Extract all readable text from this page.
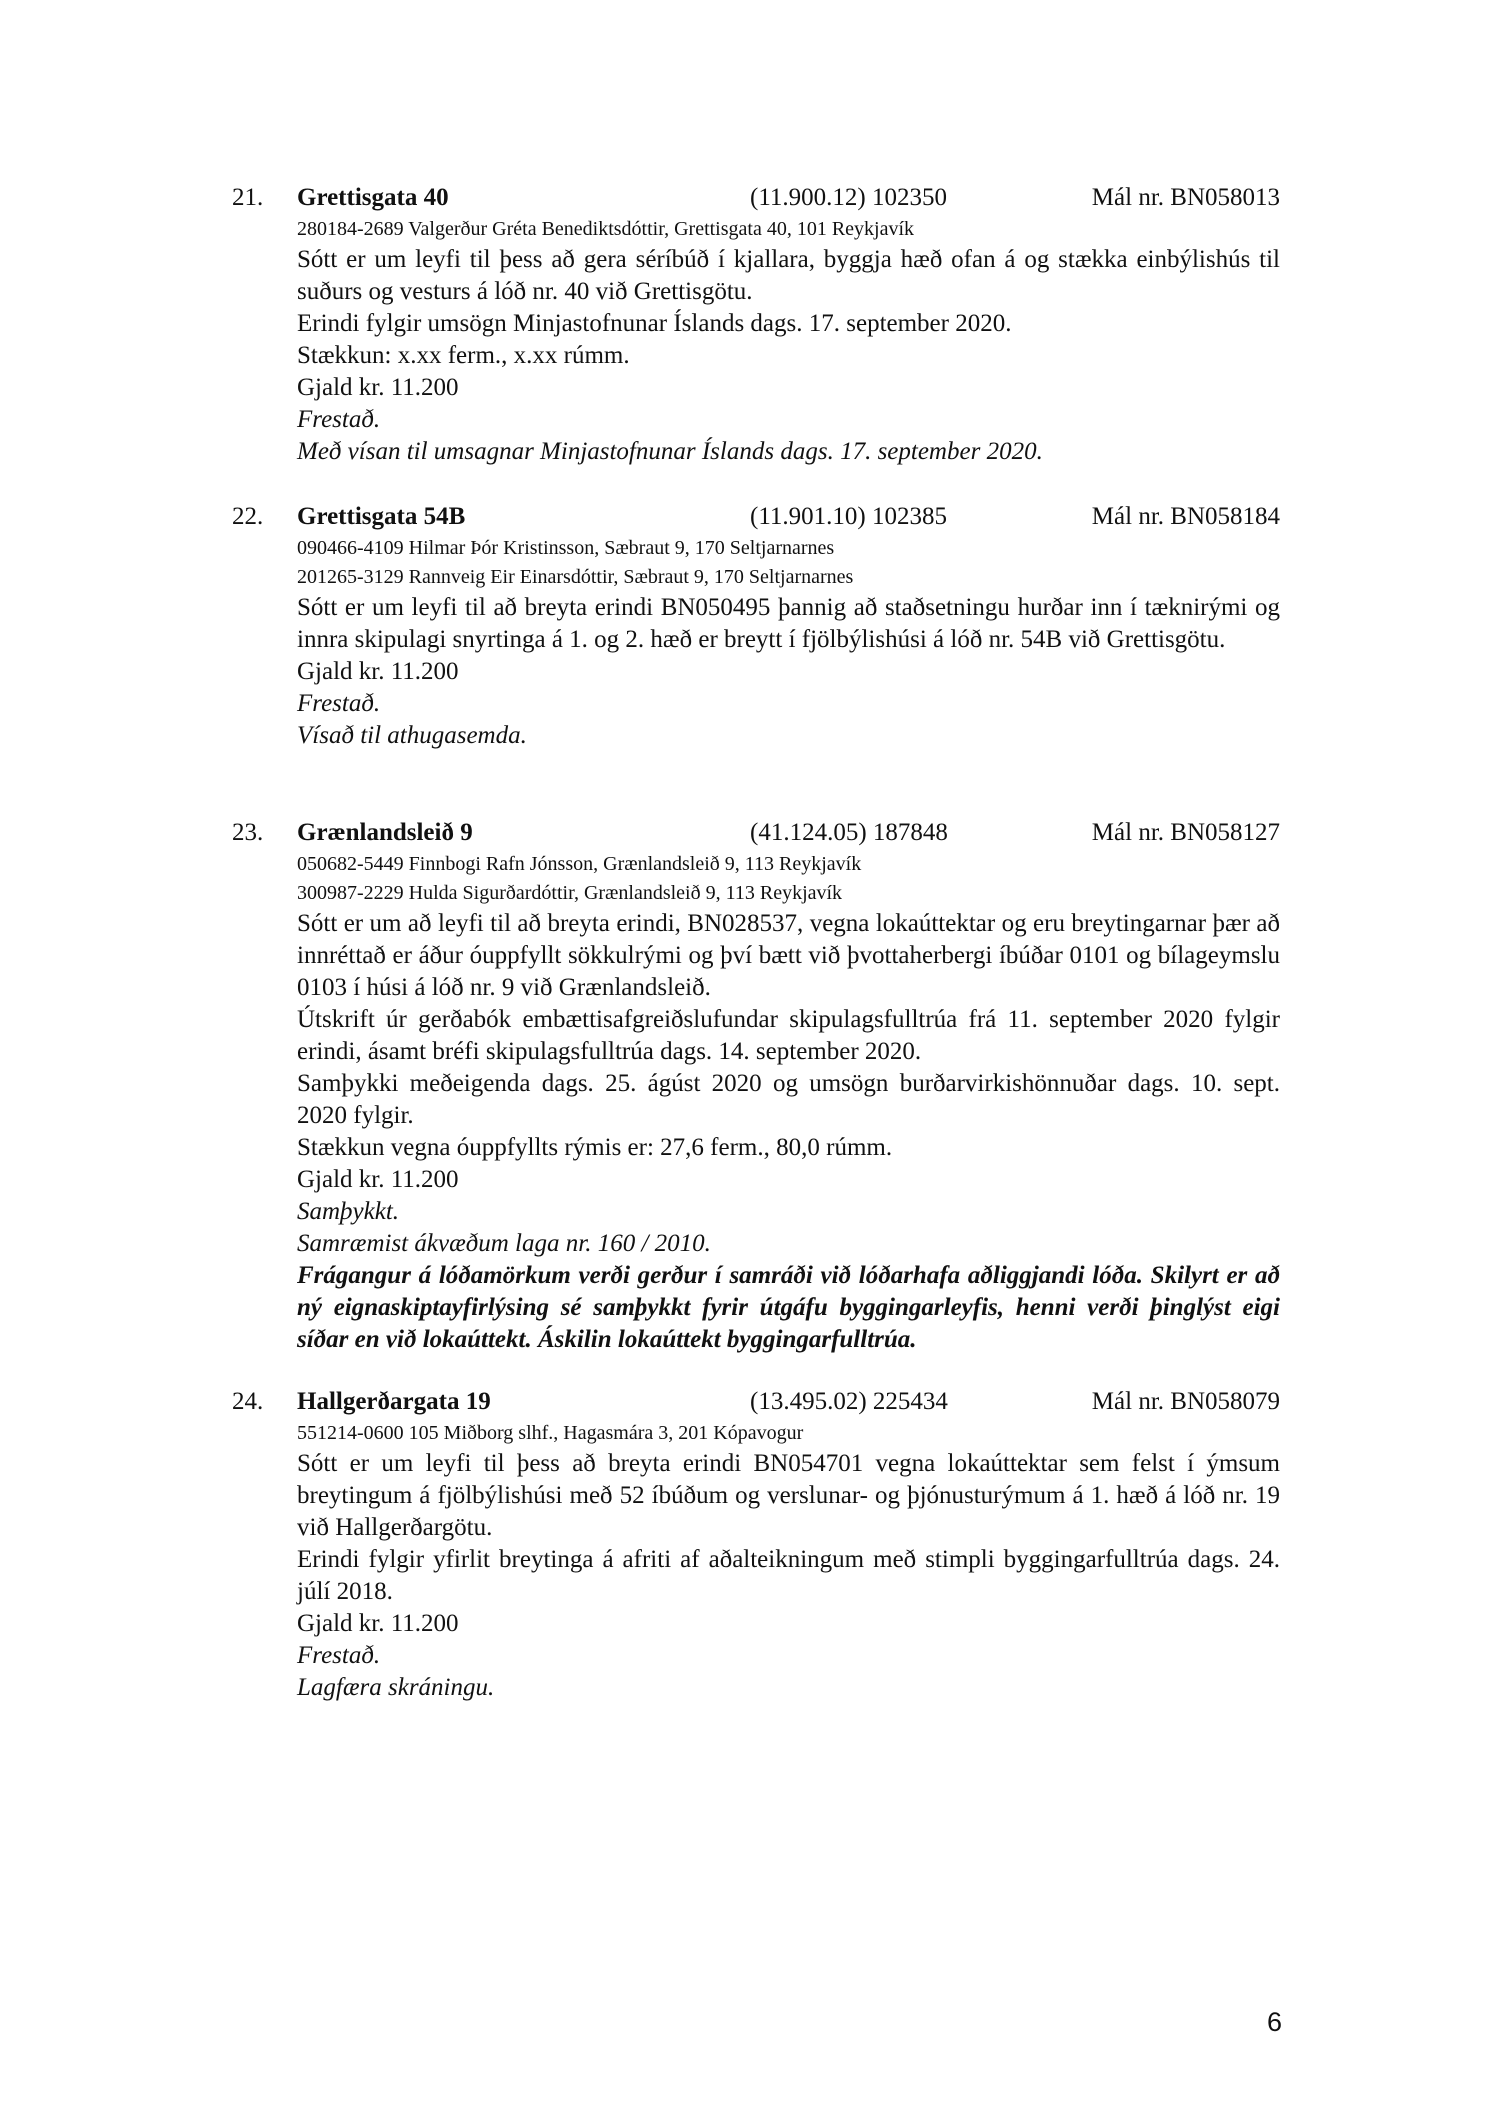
21. Grettisgata 40	(11.900.12) 102350	Mál nr. BN058013
280184-2689 Valgerður Gréta Benediktsdóttir, Grettisgata 40, 101 Reykjavík
Sótt er um leyfi til þess að gera séríbúð í kjallara, byggja hæð ofan á og stækka einbýlishús til suðurs og vesturs á lóð nr. 40 við Grettisgötu.
Erindi fylgir umsögn Minjastofnunar Íslands dags. 17. september 2020.
Stækkun: x.xx ferm., x.xx rúmm.
Gjald kr. 11.200
Frestað.
Með vísan til umsagnar Minjastofnunar Íslands dags. 17. september 2020.
22. Grettisgata 54B	(11.901.10) 102385	Mál nr. BN058184
090466-4109 Hilmar Þór Kristinsson, Sæbraut 9, 170 Seltjarnarnes
201265-3129 Rannveig Eir Einarsdóttir, Sæbraut 9, 170 Seltjarnarnes
Sótt er um leyfi til að breyta erindi BN050495 þannig að staðsetningu hurðar inn í tæknirými og innra skipulagi snyrtinga á 1. og 2. hæð er breytt í fjölbýlishúsi á lóð nr. 54B við Grettisgötu.
Gjald kr. 11.200
Frestað.
Vísað til athugasemda.
23. Grænlandsleið 9	(41.124.05) 187848	Mál nr. BN058127
050682-5449 Finnbogi Rafn Jónsson, Grænlandsleið 9, 113 Reykjavík
300987-2229 Hulda Sigurðardóttir, Grænlandsleið 9, 113 Reykjavík
Sótt er um að leyfi til að breyta erindi, BN028537, vegna lokaúttektar og eru breytingarnar þær að innréttað er áður óuppfyllt sökkulrými og því bætt við þvottaherbergi íbúðar 0101 og bílageymslu 0103 í húsi á lóð nr. 9 við Grænlandsleið.
Útskrift úr gerðabók embættisafgreiðslufundar skipulagsfulltrúa frá 11. september 2020 fylgir erindi, ásamt bréfi skipulagsfulltrúa dags. 14. september 2020.
Samþykki meðeigenda dags. 25. ágúst 2020 og umsögn burðarvirkishönnuðar dags. 10. sept. 2020 fylgir.
Stækkun vegna óuppfyllts rýmis er: 27,6 ferm., 80,0 rúmm.
Gjald kr. 11.200
Samþykkt.
Samræmist ákvæðum laga nr. 160 / 2010.
Frágangur á lóðamörkum verði gerður í samráði við lóðarhafa aðliggjandi lóða. Skilyrt er að ný eignaskiptayfirlýsing sé samþykkt fyrir útgáfu byggingarleyfis, henni verði þinglýst eigi síðar en við lokaúttekt. Áskilin lokaúttekt byggingarfulltrúa.
24. Hallgerðargata 19	(13.495.02) 225434	Mál nr. BN058079
551214-0600 105 Miðborg slhf., Hagasmára 3, 201 Kópavogur
Sótt er um leyfi til þess að breyta erindi BN054701 vegna lokaúttektar sem felst í ýmsum breytingum á fjölbýlishúsi með 52 íbúðum og verslunar- og þjónusturýmum á 1. hæð á lóð nr. 19 við Hallgerðargötu.
Erindi fylgir yfirlit breytinga á afriti af aðalteikningum með stimpli byggingarfulltrúa dags. 24. júlí 2018.
Gjald kr. 11.200
Frestað.
Lagfæra skráningu.
6
